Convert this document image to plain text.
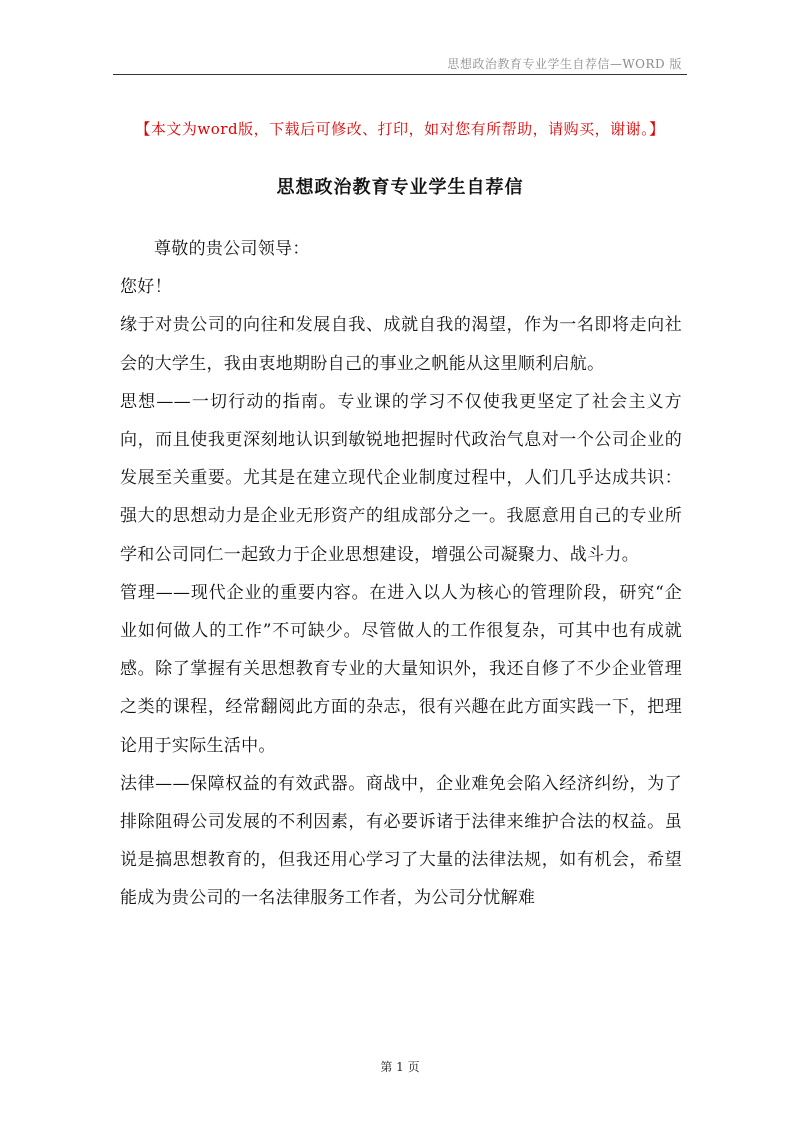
思想政治教育专业学生自荐信—WORD 版
【本文为word版，下载后可修改、打印，如对您有所帮助，请购买，谢谢。】
思想政治教育专业学生自荐信

尊敬的贵公司领导：

您好！

缘于对贵公司的向往和发展自我、成就自我的渴望，作为一名即将走向社会的大学生，我由衷地期盼自己的事业之帆能从这里顺利启航。

思想——一切行动的指南。专业课的学习不仅使我更坚定了社会主义方向，而且使我更深刻地认识到敏锐地把握时代政治气息对一个公司企业的发展至关重要。尤其是在建立现代企业制度过程中，人们几乎达成共识：强大的思想动力是企业无形资产的组成部分之一。我愿意用自己的专业所学和公司同仁一起致力于企业思想建设，增强公司凝聚力、战斗力。

管理——现代企业的重要内容。在进入以人为核心的管理阶段，研究“企业如何做人的工作”不可缺少。尽管做人的工作很复杂，可其中也有成就感。除了掌握有关思想教育专业的大量知识外，我还自修了不少企业管理之类的课程，经常翻阅此方面的杂志，很有兴趣在此方面实践一下，把理论用于实际生活中。

法律——保障权益的有效武器。商战中，企业难免会陷入经济纠纷，为了排除阻碍公司发展的不利因素，有必要诉诸于法律来维护合法的权益。虽说是搞思想教育的，但我还用心学习了大量的法律法规，如有机会，希望能成为贵公司的一名法律服务工作者，为公司分忧解难

第 1 页
